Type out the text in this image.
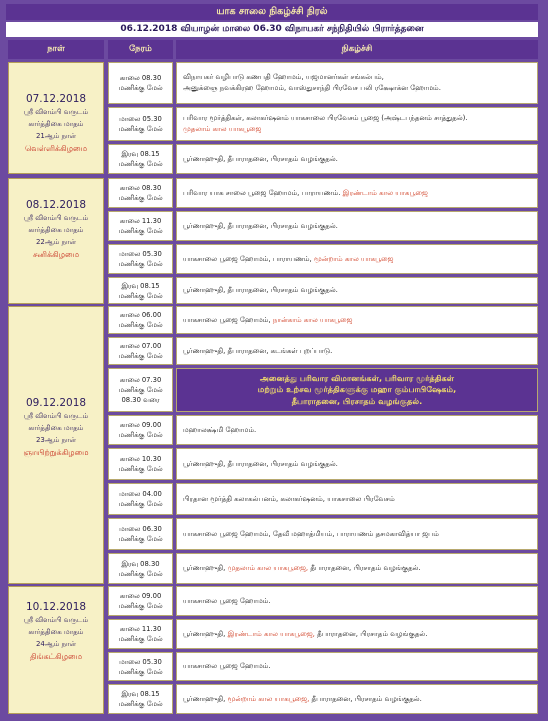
யாக சாலை நிகழ்ச்சி நிரல்
06.12.2018 வியாழன் மாலை 06.30 விநாயகர் சந்நிதியில் பிரார்த்தனை
நாள்	நேரம்	நிகழ்ச்சி
07.12.2018
ஸ்ரீ விளம்பி வருடம்
கார்த்திகை மாதம்
21ஆம் நாள்
வெள்ளிக்கிழமை
08.12.2018
ஸ்ரீ விளம்பி வருடம்
கார்த்திகை மாதம்
22ஆம் நாள்
சனிக்கிழமை
09.12.2018
ஸ்ரீ விளம்பி வருடம்
கார்த்திகை மாதம்
23ஆம் நாள்
ஞாயிற்றுக்கிழமை
10.12.2018
ஸ்ரீ விளம்பி வருடம்
கார்த்திகை மாதம்
24ஆம் நாள்
திங்கட்கிழமை
காலை 08.30
மணிக்கு மேல்
விநாயகர் வழிபாடு கணபதி ஹோமம், யஜமானர்கள் சங்கல்பம்,
அனுக்ஞை நவக்கிரஹ ஹோமம், வாஸ்துசாந்தி பிரவேச பலி ரக்ஷோக்ன ஹோமம்.
மாலை 05.30
மணிக்கு மேல்
பரிவார மூர்த்திகள், கலாகர்ஷனம் யாகசாலை பிரவேசம் பூஜை (அஷ்டபந்தனம் சாத்துதல்).
முதலாம் கால யாகபூஜை
இரவு 08.15
மணிக்கு மேல்
பூர்ணாஹுதி, தீபாராதனை, பிரசாதம் வழங்குதல்.
காலை 08.30
மணிக்கு மேல்
பரிவார யாக சாலை பூஜை ஹோமம், பாராயணம். இரண்டாம் கால யாகபூஜை
காலை 11.30
மணிக்கு மேல்
பூர்ணாஹுதி, தீபாராதனை, பிரசாதம் வழங்குதல்.
மாலை 05.30
மணிக்கு மேல்
யாகசாலை பூஜை ஹோமம், பாராயணம், மூன்றாம் கால யாகபூஜை
இரவு 08.15
மணிக்கு மேல்
பூர்ணாஹுதி, தீபாராதனை, பிரசாதம் வழங்குதல்.
காலை 06.00
மணிக்கு மேல்
யாகசாலை பூஜை ஹோமம், நான்காம் கால யாகபூஜை
காலை 07.00
மணிக்கு மேல்
பூர்ணாஹுதி, தீபாராதனை, கடங்கள் புறப்பாடு.
காலை 07.30
மணிக்கு மேல்
08.30 வரை
அனைத்து பரிவார விமானங்கள், பரிவார மூர்த்திகள்
மற்றும் உற்சவ மூர்த்திகளுக்கு மஹா கும்பாபிஷேகம்,
தீபாராதனை, பிரசாதம் வழங்குதல்.
காலை 09.00
மணிக்கு மேல்
மஹாலக்ஷ்மி ஹோமம்.
காலை 10.30
மணிக்கு மேல்
பூர்ணாஹுதி, தீபாராதனை, பிரசாதம் வழங்குதல்.
மாலை 04.00
மணிக்கு மேல்
பிரதான மூர்த்தி கலாகல்பனம், கலாகர்ஷனம், யாகசாலை பிரவேசம்
மாலை 06.30
மணிக்கு மேல்
யாகசாலை பூஜை ஹோமம், தேவீ மஹாத்மியம், பாராயணம் தசமகாவித்யா ஜபம்
இரவு 08.30
மணிக்கு மேல்
பூர்ணாஹுதி, முதலாம் கால யாகபூஜை, தீபாராதனை, பிரசாதம் வழங்குதல்.
காலை 09.00
மணிக்கு மேல்
யாகசாலை பூஜை ஹோமம்.
காலை 11.30
மணிக்கு மேல்
பூர்ணாஹுதி, இரண்டாம் கால யாகபூஜை, தீபாராதனை, பிரசாதம் வழங்குதல்.
மாலை 05.30
மணிக்கு மேல்
யாகசாலை பூஜை ஹோமம்.
இரவு 08.15
மணிக்கு மேல்
பூர்ணாஹுதி, மூன்றாம் கால யாகபூஜை, தீபாராதனை, பிரசாதம் வழங்குதல்.
